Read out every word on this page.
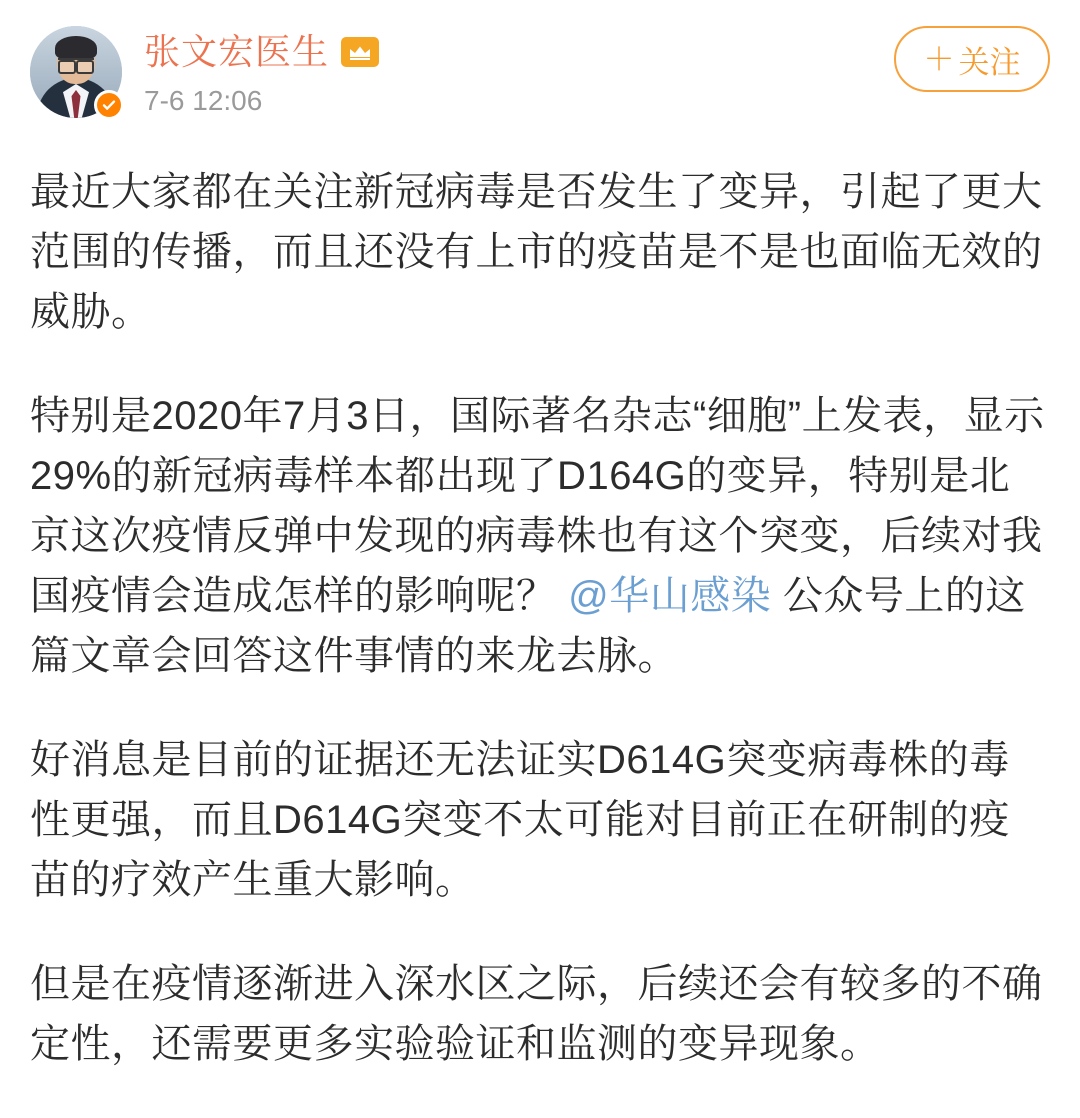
张文宏医生
7-6 12:06
＋ 关注

最近大家都在关注新冠病毒是否发生了变异，引起了更大范围的传播，而且还没有上市的疫苗是不是也面临无效的威胁。

特别是2020年7月3日，国际著名杂志“细胞”上发表，显示29%的新冠病毒样本都出现了D164G的变异，特别是北京这次疫情反弹中发现的病毒株也有这个突变，后续对我国疫情会造成怎样的影响呢？ @华山感染 公众号上的这篇文章会回答这件事情的来龙去脉。

好消息是目前的证据还无法证实D614G突变病毒株的毒性更强，而且D614G突变不太可能对目前正在研制的疫苗的疗效产生重大影响。

但是在疫情逐渐进入深水区之际，后续还会有较多的不确定性，还需要更多实验验证和监测的变异现象。
